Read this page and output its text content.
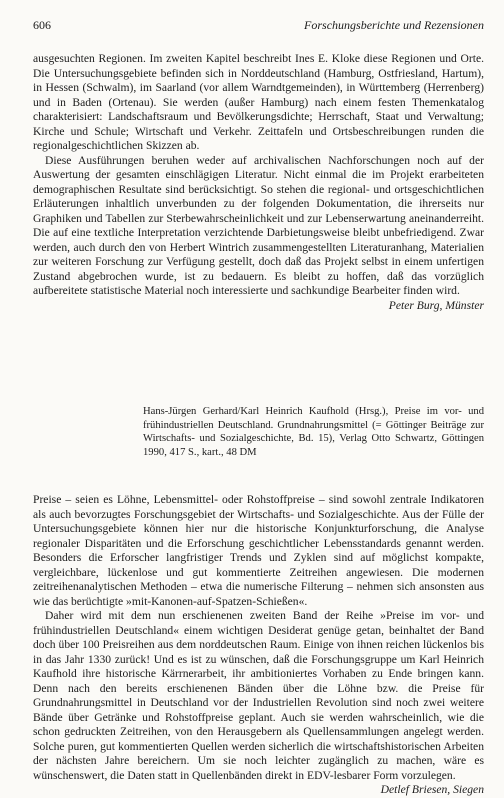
606	Forschungsberichte und Rezensionen

ausgesuchten Regionen. Im zweiten Kapitel beschreibt Ines E. Kloke diese Regionen und Orte. Die Untersuchungsgebiete befinden sich in Norddeutschland (Hamburg, Ostfriesland, Hartum), in Hessen (Schwalm), im Saarland (vor allem Warndtgemeinden), in Württemberg (Herrenberg) und in Baden (Ortenau). Sie werden (außer Hamburg) nach einem festen Themenkatalog charakterisiert: Landschaftsraum und Bevölkerungsdichte; Herrschaft, Staat und Verwaltung; Kirche und Schule; Wirtschaft und Verkehr. Zeittafeln und Ortsbeschreibungen runden die regionalgeschichtlichen Skizzen ab.

Diese Ausführungen beruhen weder auf archivalischen Nachforschungen noch auf der Auswertung der gesamten einschlägigen Literatur. Nicht einmal die im Projekt erarbeiteten demographischen Resultate sind berücksichtigt. So stehen die regional- und ortsgeschichtlichen Erläuterungen inhaltlich unverbunden zu der folgenden Dokumentation, die ihrerseits nur Graphiken und Tabellen zur Sterbewahrscheinlichkeit und zur Lebenserwartung aneinanderreiht. Die auf eine textliche Interpretation verzichtende Darbietungsweise bleibt unbefriedigend. Zwar werden, auch durch den von Herbert Wintrich zusammengestellten Literaturanhang, Materialien zur weiteren Forschung zur Verfügung gestellt, doch daß das Projekt selbst in einem unfertigen Zustand abgebrochen wurde, ist zu bedauern. Es bleibt zu hoffen, daß das vorzüglich aufbereitete statistische Material noch interessierte und sachkundige Bearbeiter finden wird.
Peter Burg, Münster

Hans-Jürgen Gerhard/Karl Heinrich Kaufhold (Hrsg.), Preise im vor- und frühindustriellen Deutschland. Grundnahrungsmittel (= Göttinger Beiträge zur Wirtschafts- und Sozialgeschichte, Bd. 15), Verlag Otto Schwartz, Göttingen 1990, 417 S., kart., 48 DM

Preise – seien es Löhne, Lebensmittel- oder Rohstoffpreise – sind sowohl zentrale Indikatoren als auch bevorzugtes Forschungsgebiet der Wirtschafts- und Sozialgeschichte. Aus der Fülle der Untersuchungsgebiete können hier nur die historische Konjunkturforschung, die Analyse regionaler Disparitäten und die Erforschung geschichtlicher Lebensstandards genannt werden. Besonders die Erforscher langfristiger Trends und Zyklen sind auf möglichst kompakte, vergleichbare, lückenlose und gut kommentierte Zeitreihen angewiesen. Die modernen zeitreihenanalytischen Methoden – etwa die numerische Filterung – nehmen sich ansonsten aus wie das berüchtigte »mit-Kanonen-auf-Spatzen-Schießen«.

Daher wird mit dem nun erschienenen zweiten Band der Reihe »Preise im vor- und frühindustriellen Deutschland« einem wichtigen Desiderat genüge getan, beinhaltet der Band doch über 100 Preisreihen aus dem norddeutschen Raum. Einige von ihnen reichen lückenlos bis in das Jahr 1330 zurück! Und es ist zu wünschen, daß die Forschungsgruppe um Karl Heinrich Kaufhold ihre historische Kärrnerarbeit, ihr ambitioniertes Vorhaben zu Ende bringen kann. Denn nach den bereits erschienenen Bänden über die Löhne bzw. die Preise für Grundnahrungsmittel in Deutschland vor der Industriellen Revolution sind noch zwei weitere Bände über Getränke und Rohstoffpreise geplant. Auch sie werden wahrscheinlich, wie die schon gedruckten Zeitreihen, von den Herausgebern als Quellensammlungen angelegt werden. Solche puren, gut kommentierten Quellen werden sicherlich die wirtschaftshistorischen Arbeiten der nächsten Jahre bereichern. Um sie noch leichter zugänglich zu machen, wäre es wünschenswert, die Daten statt in Quellenbänden direkt in EDV-lesbarer Form vorzulegen.
Detlef Briesen, Siegen
